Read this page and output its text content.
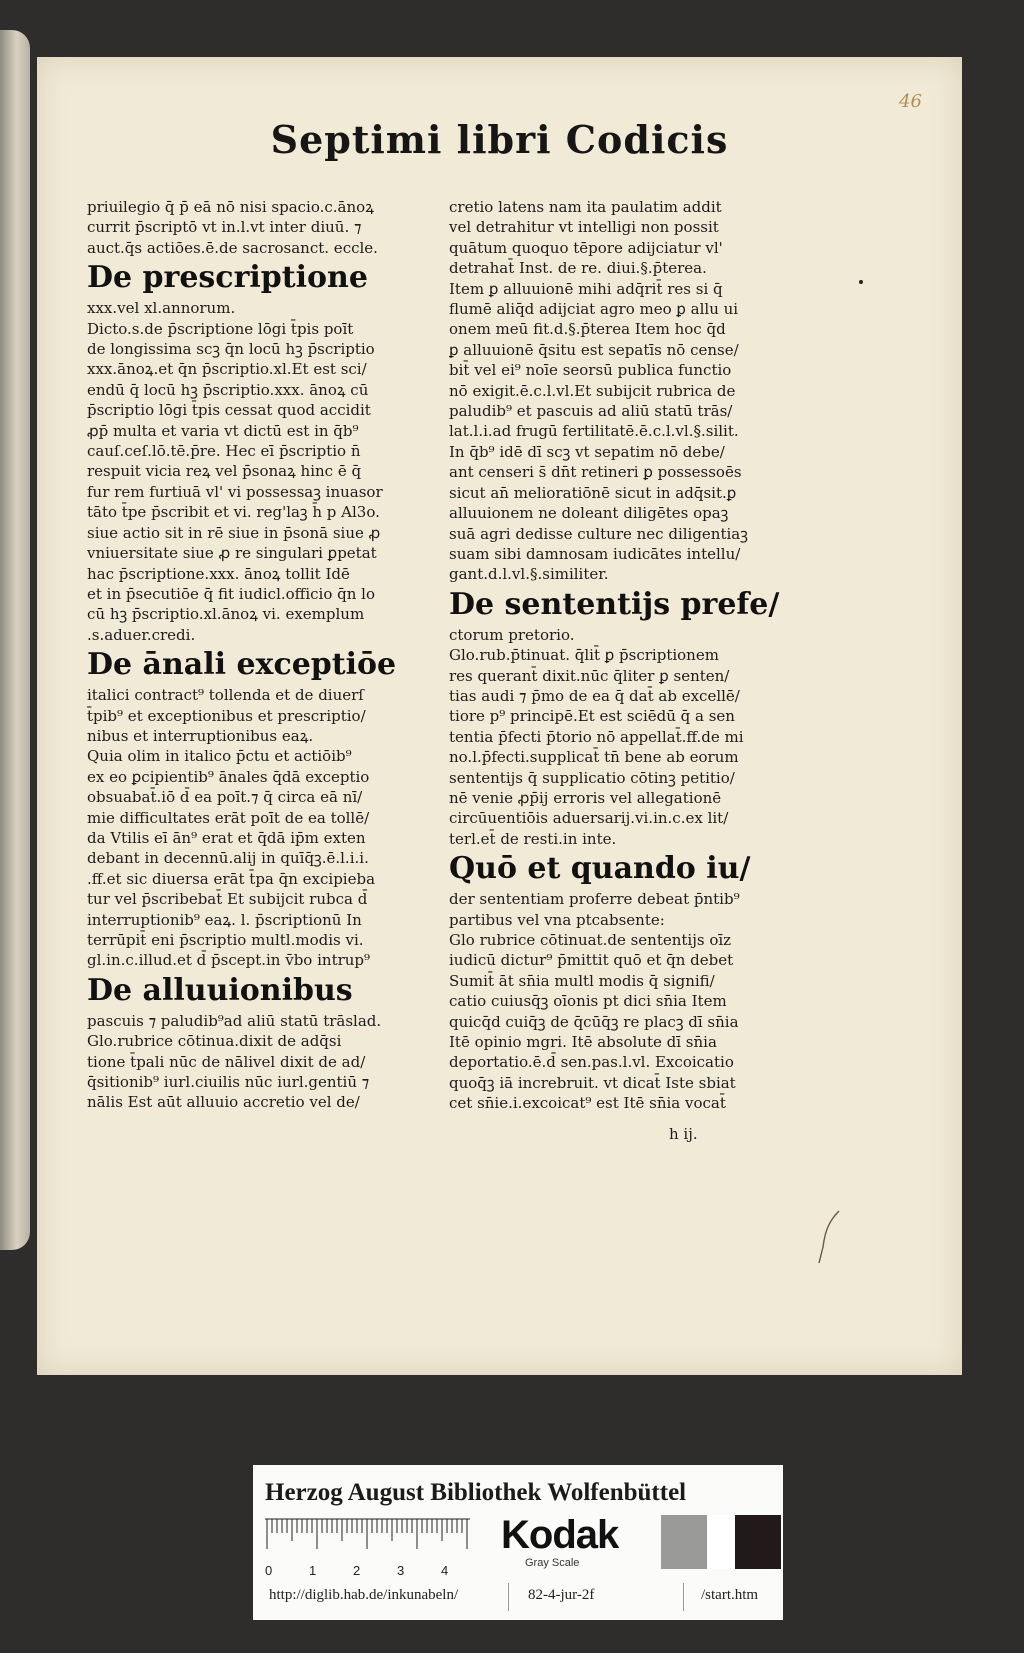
46
Septimi libri Codicis
priuilegio q̄ p̄ eā nō nisi spacio.c.ānoꝝ
currit p̄scriptō vt in.l.vt inter diuū. ⁊
auct.q̄s actiōes.ē.de sacrosanct. eccle.
De prescriptione
xxx.vel xl.annorum.
Dicto.s.de p̄scriptione lōgi t̄pis poīt
de longissima scꝫ q̄n locū hꝫ p̄scriptio
xxx.ānoꝝ.et q̄n p̄scriptio.xl.Et est sci/
endū q̄ locū hꝫ p̄scriptio.xxx. ānoꝝ cū
p̄scriptio lōgi t̄pis cessat quod accidit
ꝓp̄ multa et varia vt dictū est in q̄b⁹
cauſ.ceſ.lō.tē.p̄re. Hec eī p̄scriptio n̄
respuit vicia reꝝ vel p̄sonaꝝ hinc ē q̄
fur rem furtiuā vl' vi possessaꝫ inuasor
tāto t̄pe p̄scribit et vi. reg'laꝫ h̄ p Al3o.
siue actio sit in rē siue in p̄sonā siue ꝓ
vniuersitate siue ꝓ re singulari ꝑpetat
hac p̄scriptione.xxx. ānoꝝ tollit Idē
et in p̄secutiōe q̄ fit iudicl.officio q̄n lo
cū hꝫ p̄scriptio.xl.ānoꝝ vi. exemplum
.s.aduer.credi.
De ānali exceptiōe
italici contract⁹ tollenda et de diuerſ
t̄pib⁹ et exceptionibus et prescriptio/
nibus et interruptionibus eaꝝ.
Quia olim in italico p̄ctu et actiōib⁹
ex eo ꝑcipientib⁹ ānales q̄dā exceptio
obsuabat̄.iō d̄ ea poīt.⁊ q̄ circa eā nī/
mie difficultates erāt poīt de ea tollē/
da Vtilis eī ān⁹ erat et q̄dā ip̄m exten
debant in decennū.alij in quīq̄ꝫ.ē.l.i.i.
.ff.et sic diuersa erāt t̄pa q̄n excipieba
tur vel p̄scribebat̄ Et subijcit rubca d̄
interruptionib⁹ eaꝝ. l. p̄scriptionū In
terrūpit̄ eni p̄scriptio multl.modis vi.
gl.in.c.illud.et d̄ p̄scept.in v̄bo intrup⁹
De alluuionibus
pascuis ⁊ paludib⁹ad aliū statū trāslad.
Glo.rubrice cōtinua.dixit de adq̄si
tione t̄pali nūc de nālivel dixit de ad/
q̄sitionib⁹ iurl.ciuilis nūc iurl.gentiū ⁊
nālis Est aūt alluuio accretio vel de/
cretio latens nam ita paulatim addit
vel detrahitur vt intelligi non possit
quātum quoquo tēpore adijciatur vl'
detrahat̄ Inst. de re. diui.§.p̄terea.
Item ꝑ alluuionē mihi adq̄rit̄ res si q̄
flumē aliq̄d adijciat agro meo ꝑ allu ui
onem meū fit.d.§.p̄terea Item hoc q̄d
ꝑ alluuionē q̄situ est sepatīs nō cense/
bit̄ vel ei⁹ noīe seorsū publica functio
nō exigit.ē.c.l.vl.Et subijcit rubrica de
paludib⁹ et pascuis ad aliū statū trās/
lat.l.i.ad frugū fertilitatē.ē.c.l.vl.§.silit.
In q̄b⁹ idē dī scꝫ vt sepatim nō debe/
ant censeri s̄ dn̄t retineri ꝑ possessoēs
sicut an̄ melioratiōnē sicut in adq̄sit.ꝑ
alluuionem ne doleant diligētes opaꝫ
suā agri dedisse culture nec diligentiaꝫ
suam sibi damnosam iudicātes intellu/
gant.d.l.vl.§.similiter.
De sententijs prefe/
ctorum pretorio.
Glo.rub.p̄tinuat. q̄lit̄ ꝑ p̄scriptionem
res querant̄ dixit.nūc q̄liter ꝑ senten/
tias audi ⁊ p̄mo de ea q̄ dat̄ ab excellē/
tiore p⁹ principē.Et est sciēdū q̄ a sen
tentia p̄fecti p̄torio nō appellat̄.ff.de mi
no.l.p̄fecti.supplicat̄ tn̄ bene ab eorum
sententijs q̄ supplicatio cōtinꝫ petitio/
nē venie ꝓp̄ij erroris vel allegationē
circūuentiōis aduersarij.vi.in.c.ex lit/
terl.et̄ de resti.in inte.
Quō et quando iu/
der sententiam proferre debeat p̄ntib⁹
partibus vel vna ptcabsente:
Glo rubrice cōtinuat.de sententijs oīz
iudicū dictur⁹ p̄mittit quō et q̄n debet
Sumit̄ āt sn̄ia multl modis q̄ signifi/
catio cuiusq̄ꝫ oīonis pt dici sn̄ia Item
quicq̄d cuiq̄ꝫ de q̄cūq̄ꝫ re placꝫ dī sn̄ia
Itē opinio mgri. Itē absolute dī sn̄ia
deportatio.ē.d̄ sen.pas.l.vl. Excoicatio
quoq̄ꝫ iā increbruit. vt dicat̄ Iste sbiat
cet sn̄ie.i.excoicat⁹ est Itē sn̄ia vocat̄
h ij.
Herzog August Bibliothek Wolfenbüttel
0	1	2	3	4
Kodak
Gray Scale
http://diglib.hab.de/inkunabeln/	82-4-jur-2f	/start.htm
